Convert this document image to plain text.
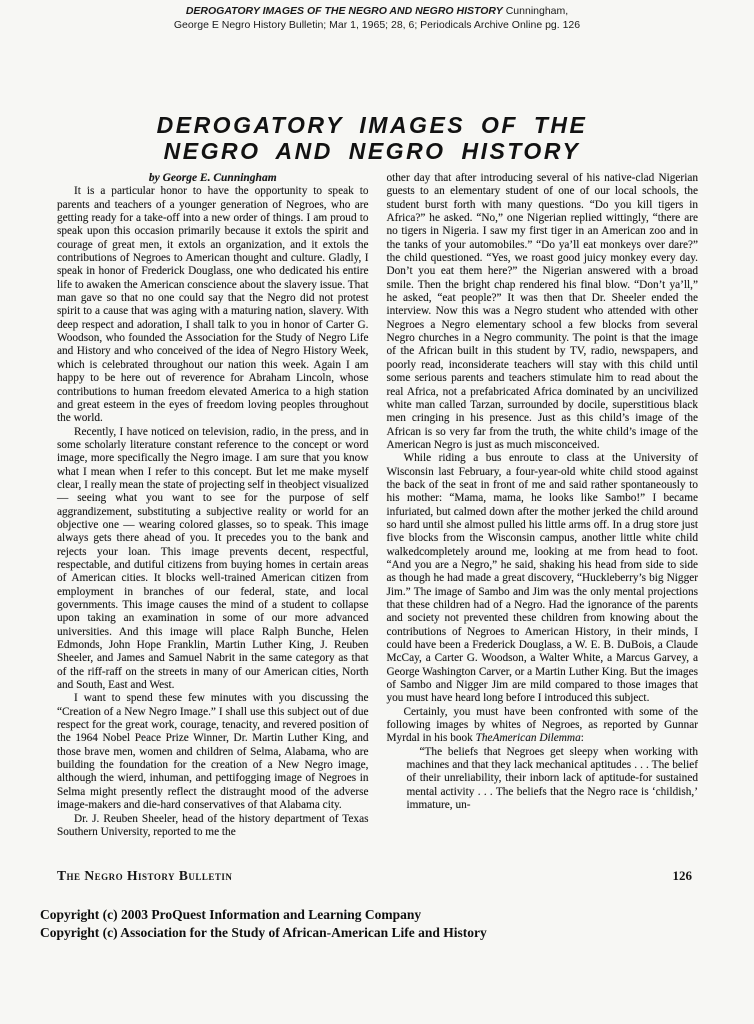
DEROGATORY IMAGES OF THE NEGRO AND NEGRO HISTORY Cunningham,
George E Negro History Bulletin; Mar 1, 1965; 28, 6; Periodicals Archive Online pg. 126
DEROGATORY IMAGES OF THE
NEGRO AND NEGRO HISTORY

by George E. Cunningham

It is a particular honor to have the opportunity to speak to parents and teachers of a younger generation of Negroes, who are getting ready for a take-off into a new order of things. I am proud to speak upon this occasion primarily because it extols the spirit and courage of great men, it extols an organization, and it extols the contributions of Negroes to American thought and culture. Gladly, I speak in honor of Frederick Douglass, one who dedicated his entire life to awaken the American conscience about the slavery issue. That man gave so that no one could say that the Negro did not protest spirit to a cause that was aging with a maturing nation, slavery. With deep respect and adoration, I shall talk to you in honor of Carter G. Woodson, who founded the Association for the Study of Negro Life and History and who conceived of the idea of Negro History Week, which is celebrated throughout our nation this week. Again I am happy to be here out of reverence for Abraham Lincoln, whose contributions to human freedom elevated America to a high station and great esteem in the eyes of freedom loving peoples throughout the world.

Recently, I have noticed on television, radio, in the press, and in some scholarly literature constant reference to the concept or word image, more specifically the Negro image. I am sure that you know what I mean when I refer to this concept. But let me make myself clear, I really mean the state of projecting self in theobject visualized — seeing what you want to see for the purpose of self aggrandizement, substituting a subjective reality or world for an objective one — wearing colored glasses, so to speak. This image always gets there ahead of you. It precedes you to the bank and rejects your loan. This image prevents decent, respectful, respectable, and dutiful citizens from buying homes in certain areas of American cities. It blocks well-trained American citizen from employment in branches of our federal, state, and local governments. This image causes the mind of a student to collapse upon taking an examination in some of our more advanced universities. And this image will place Ralph Bunche, Helen Edmonds, John Hope Franklin, Martin Luther King, J. Reuben Sheeler, and James and Samuel Nabrit in the same category as that of the riff-raff on the streets in many of our American cities, North and South, East and West.

I want to spend these few minutes with you discussing the “Creation of a New Negro Image.” I shall use this subject out of due respect for the great work, courage, tenacity, and revered position of the 1964 Nobel Peace Prize Winner, Dr. Martin Luther King, and those brave men, women and children of Selma, Alabama, who are building the foundation for the creation of a New Negro image, although the wierd, inhuman, and pettifogging image of Negroes in Selma might presently reflect the distraught mood of the adverse image-makers and die-hard conservatives of that Alabama city.

Dr. J. Reuben Sheeler, head of the history department of Texas Southern University, reported to me the

other day that after introducing several of his native-clad Nigerian guests to an elementary student of one of our local schools, the student burst forth with many questions. “Do you kill tigers in Africa?” he asked. “No,” one Nigerian replied wittingly, “there are no tigers in Nigeria. I saw my first tiger in an American zoo and in the tanks of your automobiles.” “Do ya’ll eat monkeys over dare?” the child questioned. “Yes, we roast good juicy monkey every day. Don’t you eat them here?” the Nigerian answered with a broad smile. Then the bright chap rendered his final blow. “Don’t ya’ll,” he asked, “eat people?” It was then that Dr. Sheeler ended the interview. Now this was a Negro student who attended with other Negroes a Negro elementary school a few blocks from several Negro churches in a Negro community. The point is that the image of the African built in this student by TV, radio, newspapers, and poorly read, inconsiderate teachers will stay with this child until some serious parents and teachers stimulate him to read about the real Africa, not a prefabricated Africa dominated by an uncivilized white man called Tarzan, surrounded by docile, superstitious black men cringing in his presence. Just as this child’s image of the African is so very far from the truth, the white child’s image of the American Negro is just as much misconceived.

While riding a bus enroute to class at the University of Wisconsin last February, a four-year-old white child stood against the back of the seat in front of me and said rather spontaneously to his mother: “Mama, mama, he looks like Sambo!” I became infuriated, but calmed down after the mother jerked the child around so hard until she almost pulled his little arms off. In a drug store just five blocks from the Wisconsin campus, another little white child walkedcompletely around me, looking at me from head to foot. “And you are a Negro,” he said, shaking his head from side to side as though he had made a great discovery, “Huckleberry’s big Nigger Jim.” The image of Sambo and Jim was the only mental projections that these children had of a Negro. Had the ignorance of the parents and society not prevented these children from knowing about the contributions of Negroes to American History, in their minds, I could have been a Frederick Douglass, a W. E. B. DuBois, a Claude McCay, a Carter G. Woodson, a Walter White, a Marcus Garvey, a George Washington Carver, or a Martin Luther King. But the images of Sambo and Nigger Jim are mild compared to those images that you must have heard long before I introduced this subject.

Certainly, you must have been confronted with some of the following images by whites of Negroes, as reported by Gunnar Myrdal in his book TheAmerican Dilemma:

“The beliefs that Negroes get sleepy when working with machines and that they lack mechanical aptitudes . . . The belief of their unreliability, their inborn lack of aptitude-for sustained mental activity . . . The beliefs that the Negro race is ‘childish,’ immature, un-

The Negro History Bulletin	126
Copyright (c) 2003 ProQuest Information and Learning Company
Copyright (c) Association for the Study of African-American Life and History
